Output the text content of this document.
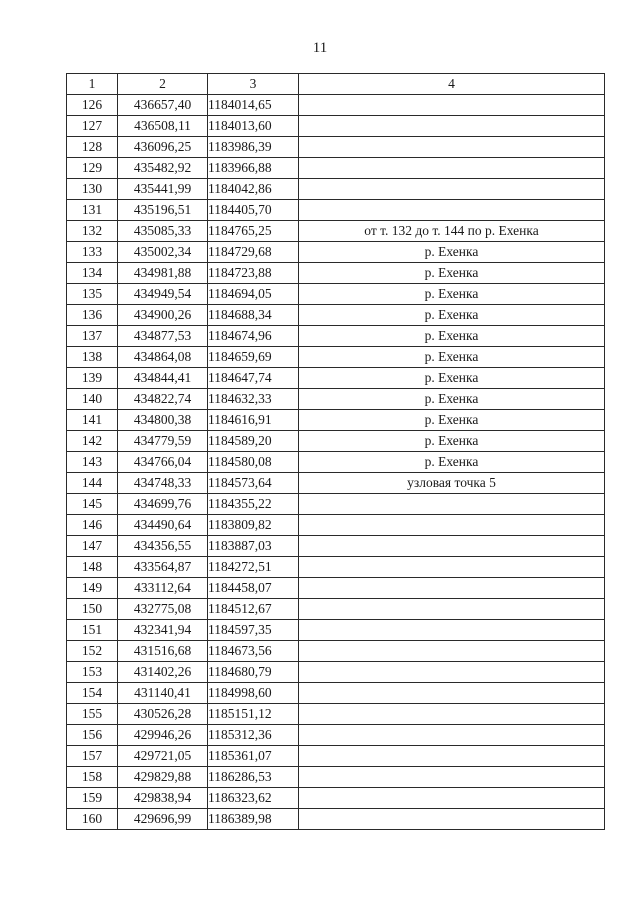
11
1	2	3	4
126	436657,40	1184014,65	
127	436508,11	1184013,60	
128	436096,25	1183986,39	
129	435482,92	1183966,88	
130	435441,99	1184042,86	
131	435196,51	1184405,70	
132	435085,33	1184765,25	от т. 132 до т. 144 по р. Ехенка
133	435002,34	1184729,68	р. Ехенка
134	434981,88	1184723,88	р. Ехенка
135	434949,54	1184694,05	р. Ехенка
136	434900,26	1184688,34	р. Ехенка
137	434877,53	1184674,96	р. Ехенка
138	434864,08	1184659,69	р. Ехенка
139	434844,41	1184647,74	р. Ехенка
140	434822,74	1184632,33	р. Ехенка
141	434800,38	1184616,91	р. Ехенка
142	434779,59	1184589,20	р. Ехенка
143	434766,04	1184580,08	р. Ехенка
144	434748,33	1184573,64	узловая точка 5
145	434699,76	1184355,22	
146	434490,64	1183809,82	
147	434356,55	1183887,03	
148	433564,87	1184272,51	
149	433112,64	1184458,07	
150	432775,08	1184512,67	
151	432341,94	1184597,35	
152	431516,68	1184673,56	
153	431402,26	1184680,79	
154	431140,41	1184998,60	
155	430526,28	1185151,12	
156	429946,26	1185312,36	
157	429721,05	1185361,07	
158	429829,88	1186286,53	
159	429838,94	1186323,62	
160	429696,99	1186389,98	
